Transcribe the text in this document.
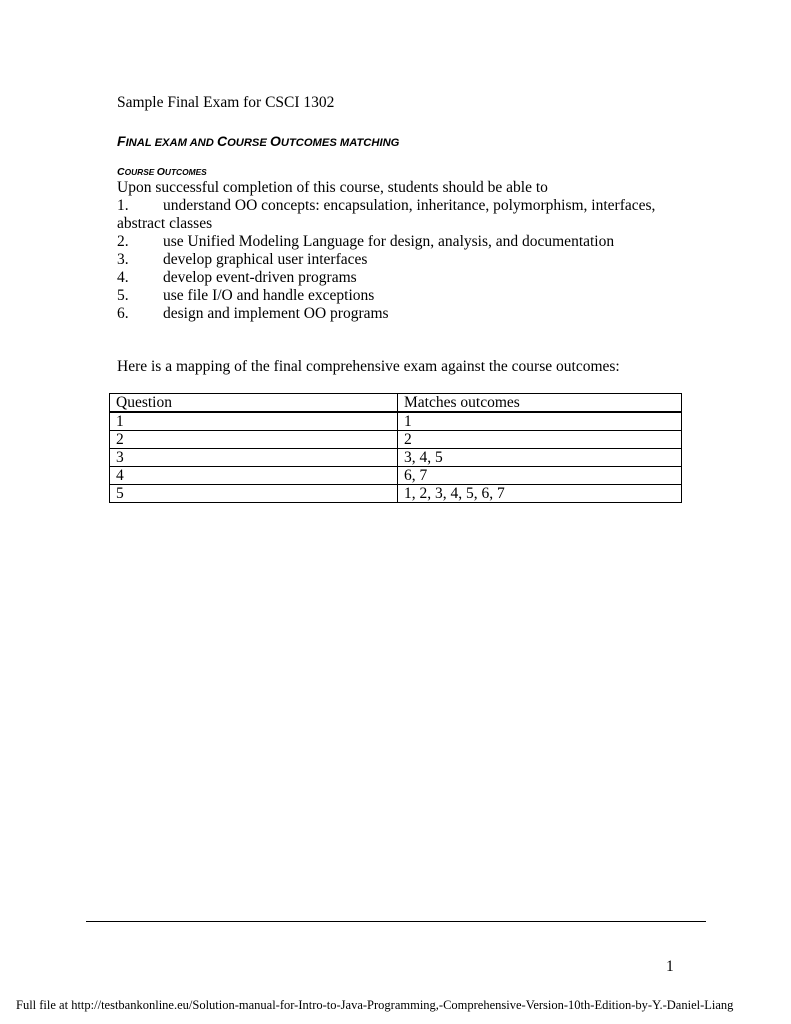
Sample Final Exam for CSCI 1302
FINAL EXAM AND COURSE OUTCOMES MATCHING
COURSE OUTCOMES
Upon successful completion of this course, students should be able to
1. understand OO concepts: encapsulation, inheritance, polymorphism, interfaces,
abstract classes
2. use Unified Modeling Language for design, analysis, and documentation
3. develop graphical user interfaces
4. develop event-driven programs
5. use file I/O and handle exceptions
6. design and implement OO programs
Here is a mapping of the final comprehensive exam against the course outcomes:
Question	Matches outcomes
1	1
2	2
3	3, 4, 5
4	6, 7
5	1, 2, 3, 4, 5, 6, 7
1
Full file at http://testbankonline.eu/Solution-manual-for-Intro-to-Java-Programming,-Comprehensive-Version-10th-Edition-by-Y.-Daniel-Liang
